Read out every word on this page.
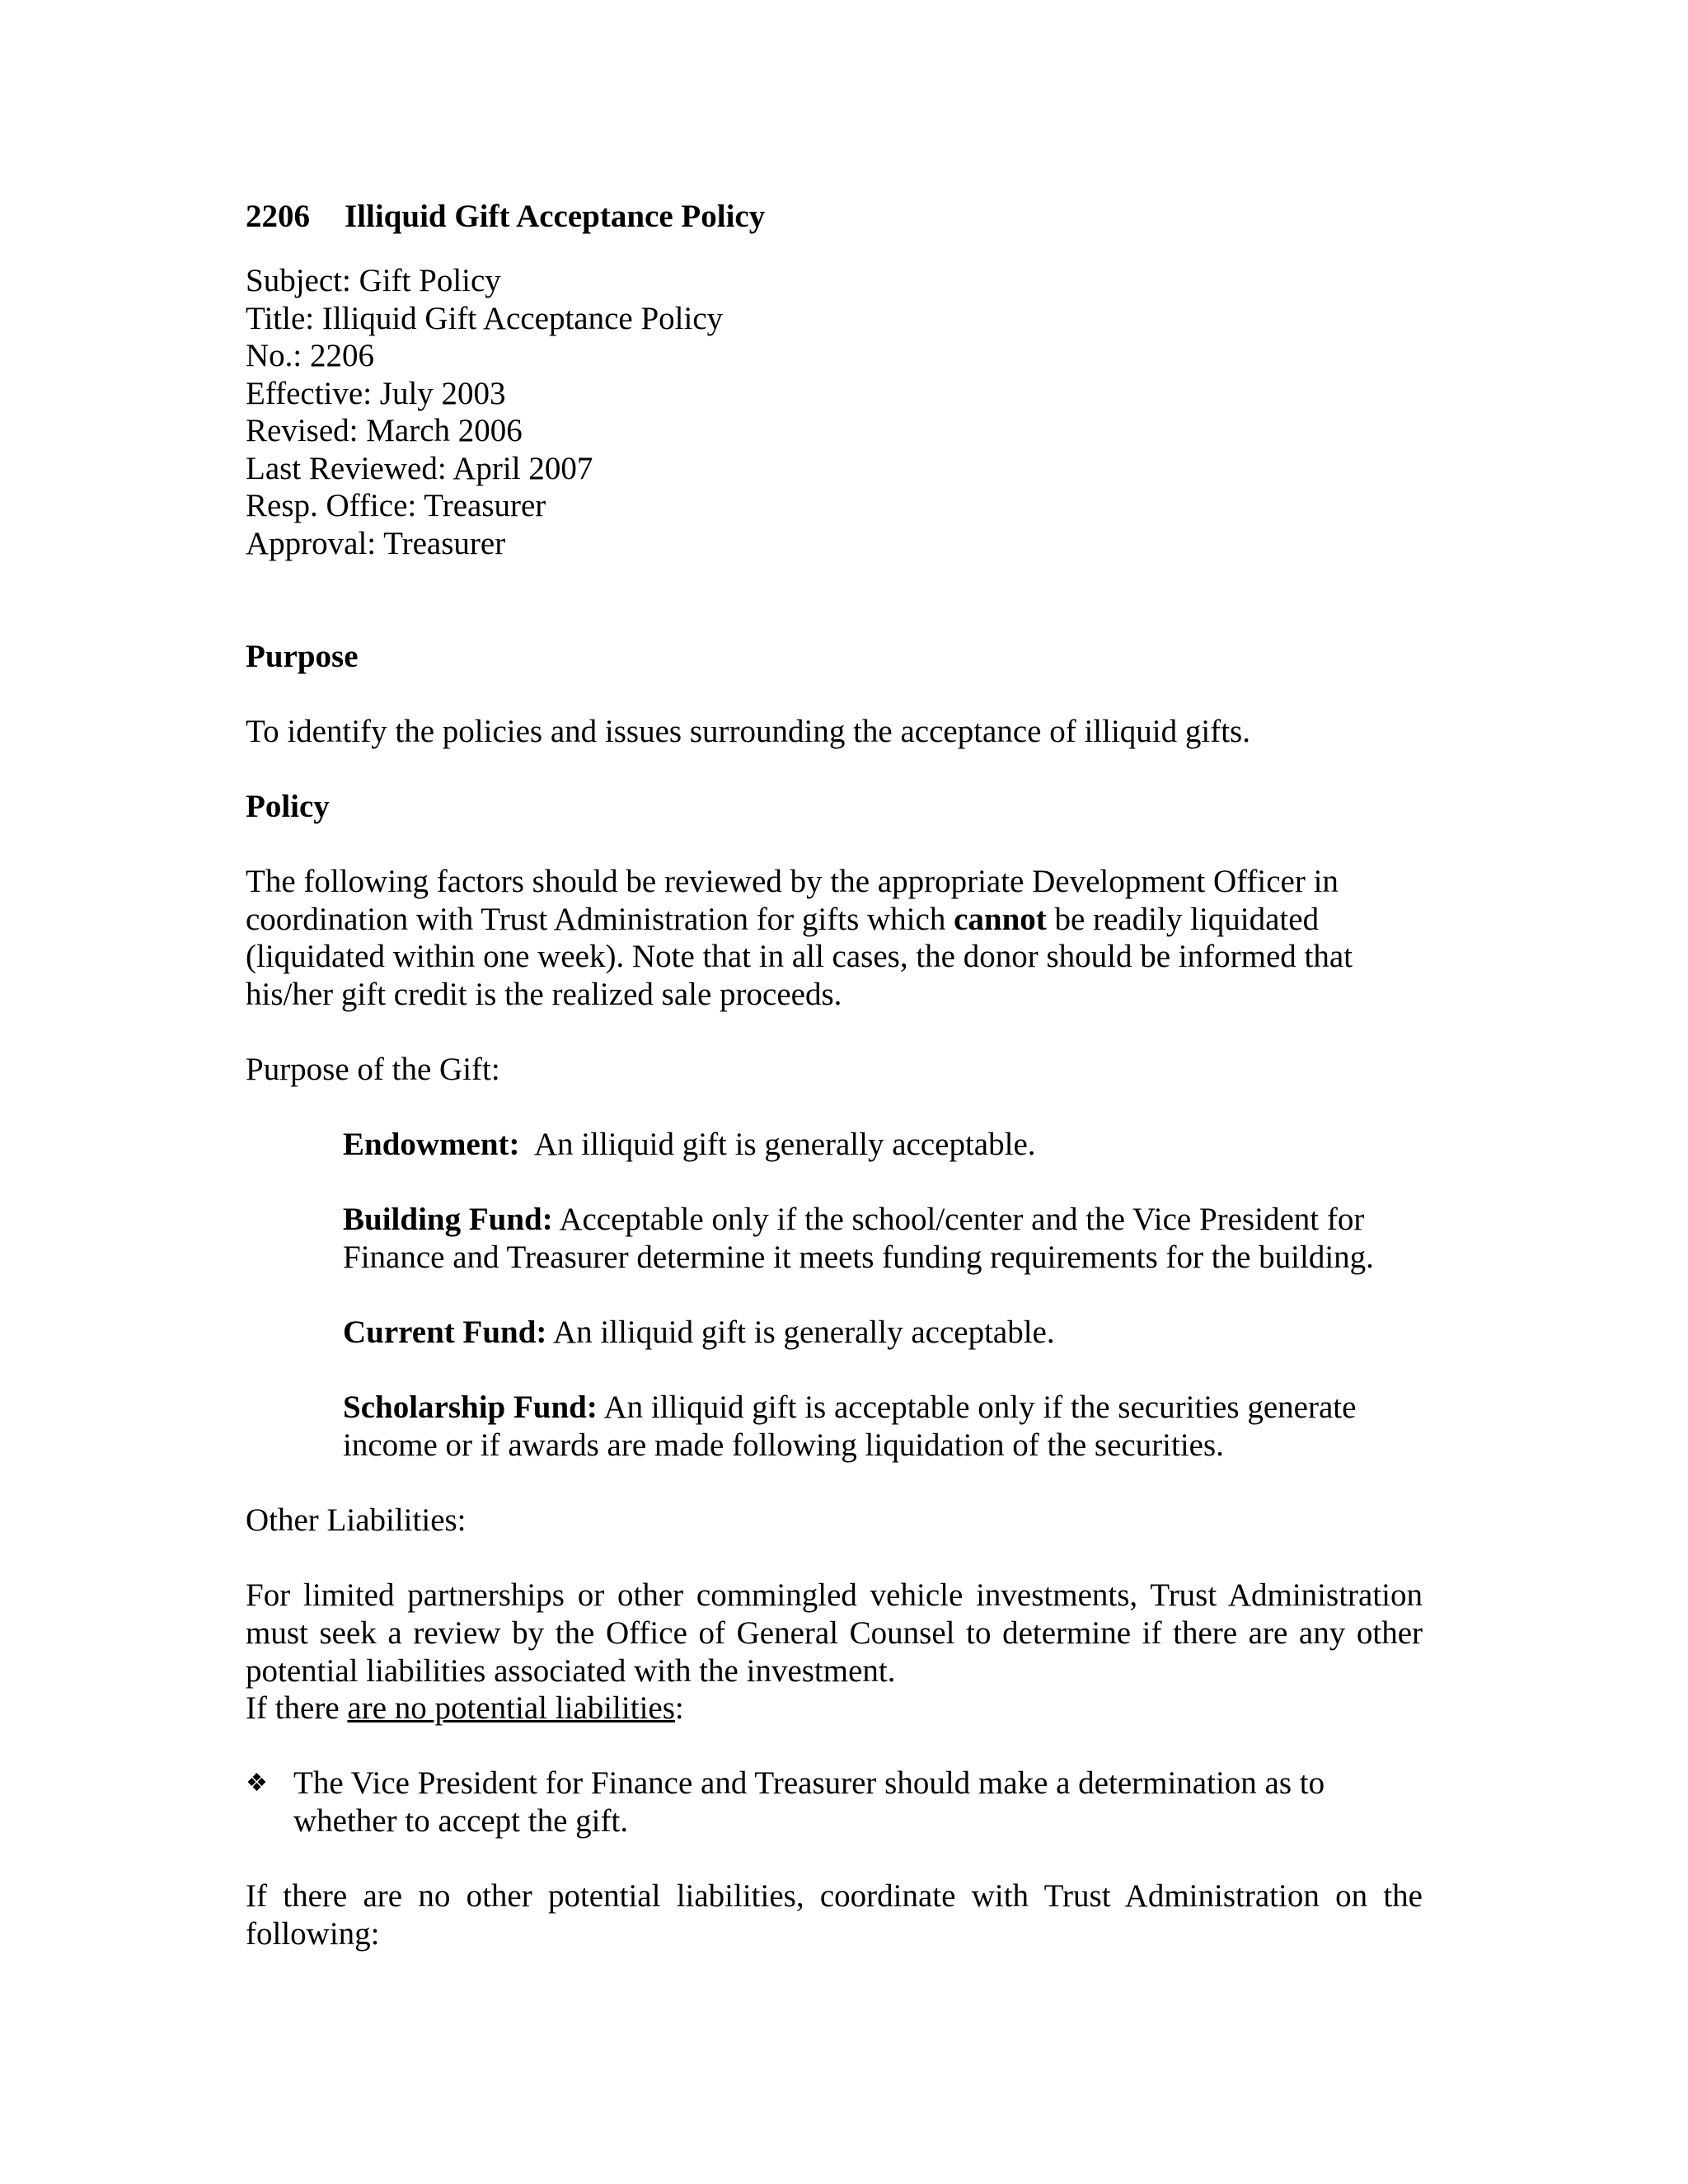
2206 Illiquid Gift Acceptance Policy
Subject: Gift Policy
Title: Illiquid Gift Acceptance Policy
No.: 2206
Effective: July 2003
Revised: March 2006
Last Reviewed: April 2007
Resp. Office: Treasurer
Approval: Treasurer
Purpose
To identify the policies and issues surrounding the acceptance of illiquid gifts.
Policy
The following factors should be reviewed by the appropriate Development Officer in
coordination with Trust Administration for gifts which cannot be readily liquidated
(liquidated within one week). Note that in all cases, the donor should be informed that
his/her gift credit is the realized sale proceeds.
Purpose of the Gift:
Endowment:  An illiquid gift is generally acceptable.
Building Fund: Acceptable only if the school/center and the Vice President for
Finance and Treasurer determine it meets funding requirements for the building.
Current Fund: An illiquid gift is generally acceptable.
Scholarship Fund: An illiquid gift is acceptable only if the securities generate
income or if awards are made following liquidation of the securities.
Other Liabilities:
For limited partnerships or other commingled vehicle investments, Trust Administration must seek a review by the Office of General Counsel to determine if there are any other potential liabilities associated with the investment.
If there are no potential liabilities:
❖ The Vice President for Finance and Treasurer should make a determination as to
whether to accept the gift.
If there are no other potential liabilities, coordinate with Trust Administration on the following:
